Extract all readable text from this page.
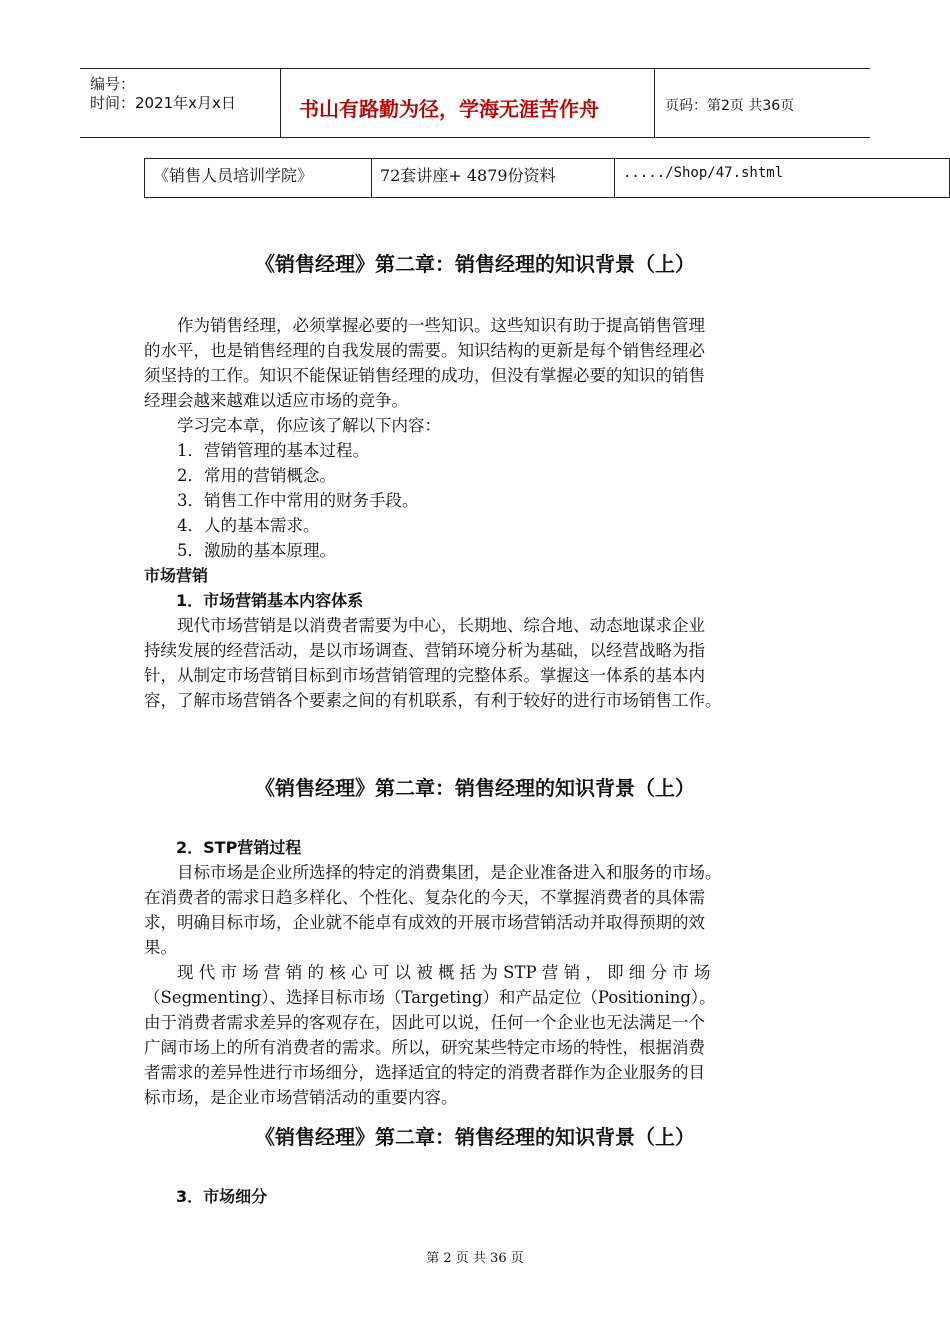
编号：
时间：2021年x月x日	书山有路勤为径，学海无涯苦作舟	页码：第2页 共36页
《销售人员培训学院》	72套讲座+ 4879份资料	...../Shop/47.shtml
《销售经理》第二章：销售经理的知识背景（上）
　　作为销售经理，必须掌握必要的一些知识。这些知识有助于提高销售管理
的水平，也是销售经理的自我发展的需要。知识结构的更新是每个销售经理必
须坚持的工作。知识不能保证销售经理的成功，但没有掌握必要的知识的销售
经理会越来越难以适应市场的竞争。
　　学习完本章，你应该了解以下内容：
　　1．营销管理的基本过程。
　　2．常用的营销概念。
　　3．销售工作中常用的财务手段。
　　4．人的基本需求。
　　5．激励的基本原理。
市场营销
　　1．市场营销基本内容体系
　　现代市场营销是以消费者需要为中心，长期地、综合地、动态地谋求企业
持续发展的经营活动，是以市场调查、营销环境分析为基础，以经营战略为指
针，从制定市场营销目标到市场营销管理的完整体系。掌握这一体系的基本内
容，了解市场营销各个要素之间的有机联系，有利于较好的进行市场销售工作。
《销售经理》第二章：销售经理的知识背景（上）
　　2．STP营销过程
　　目标市场是企业所选择的特定的消费集团，是企业准备进入和服务的市场。
在消费者的需求日趋多样化、个性化、复杂化的今天，不掌握消费者的具体需
求，明确目标市场，企业就不能卓有成效的开展市场营销活动并取得预期的效
果。
　　现 代 市 场 营 销 的 核 心 可 以 被 概 括 为 STP 营 销 ， 即 细 分 市 场
（Segmenting）、选择目标市场（Targeting）和产品定位（Positioning）。
由于消费者需求差异的客观存在，因此可以说，任何一个企业也无法满足一个
广阔市场上的所有消费者的需求。所以，研究某些特定市场的特性，根据消费
者需求的差异性进行市场细分，选择适宜的特定的消费者群作为企业服务的目
标市场，是企业市场营销活动的重要内容。
《销售经理》第二章：销售经理的知识背景（上）
　　3．市场细分
第 2 页 共 36 页
